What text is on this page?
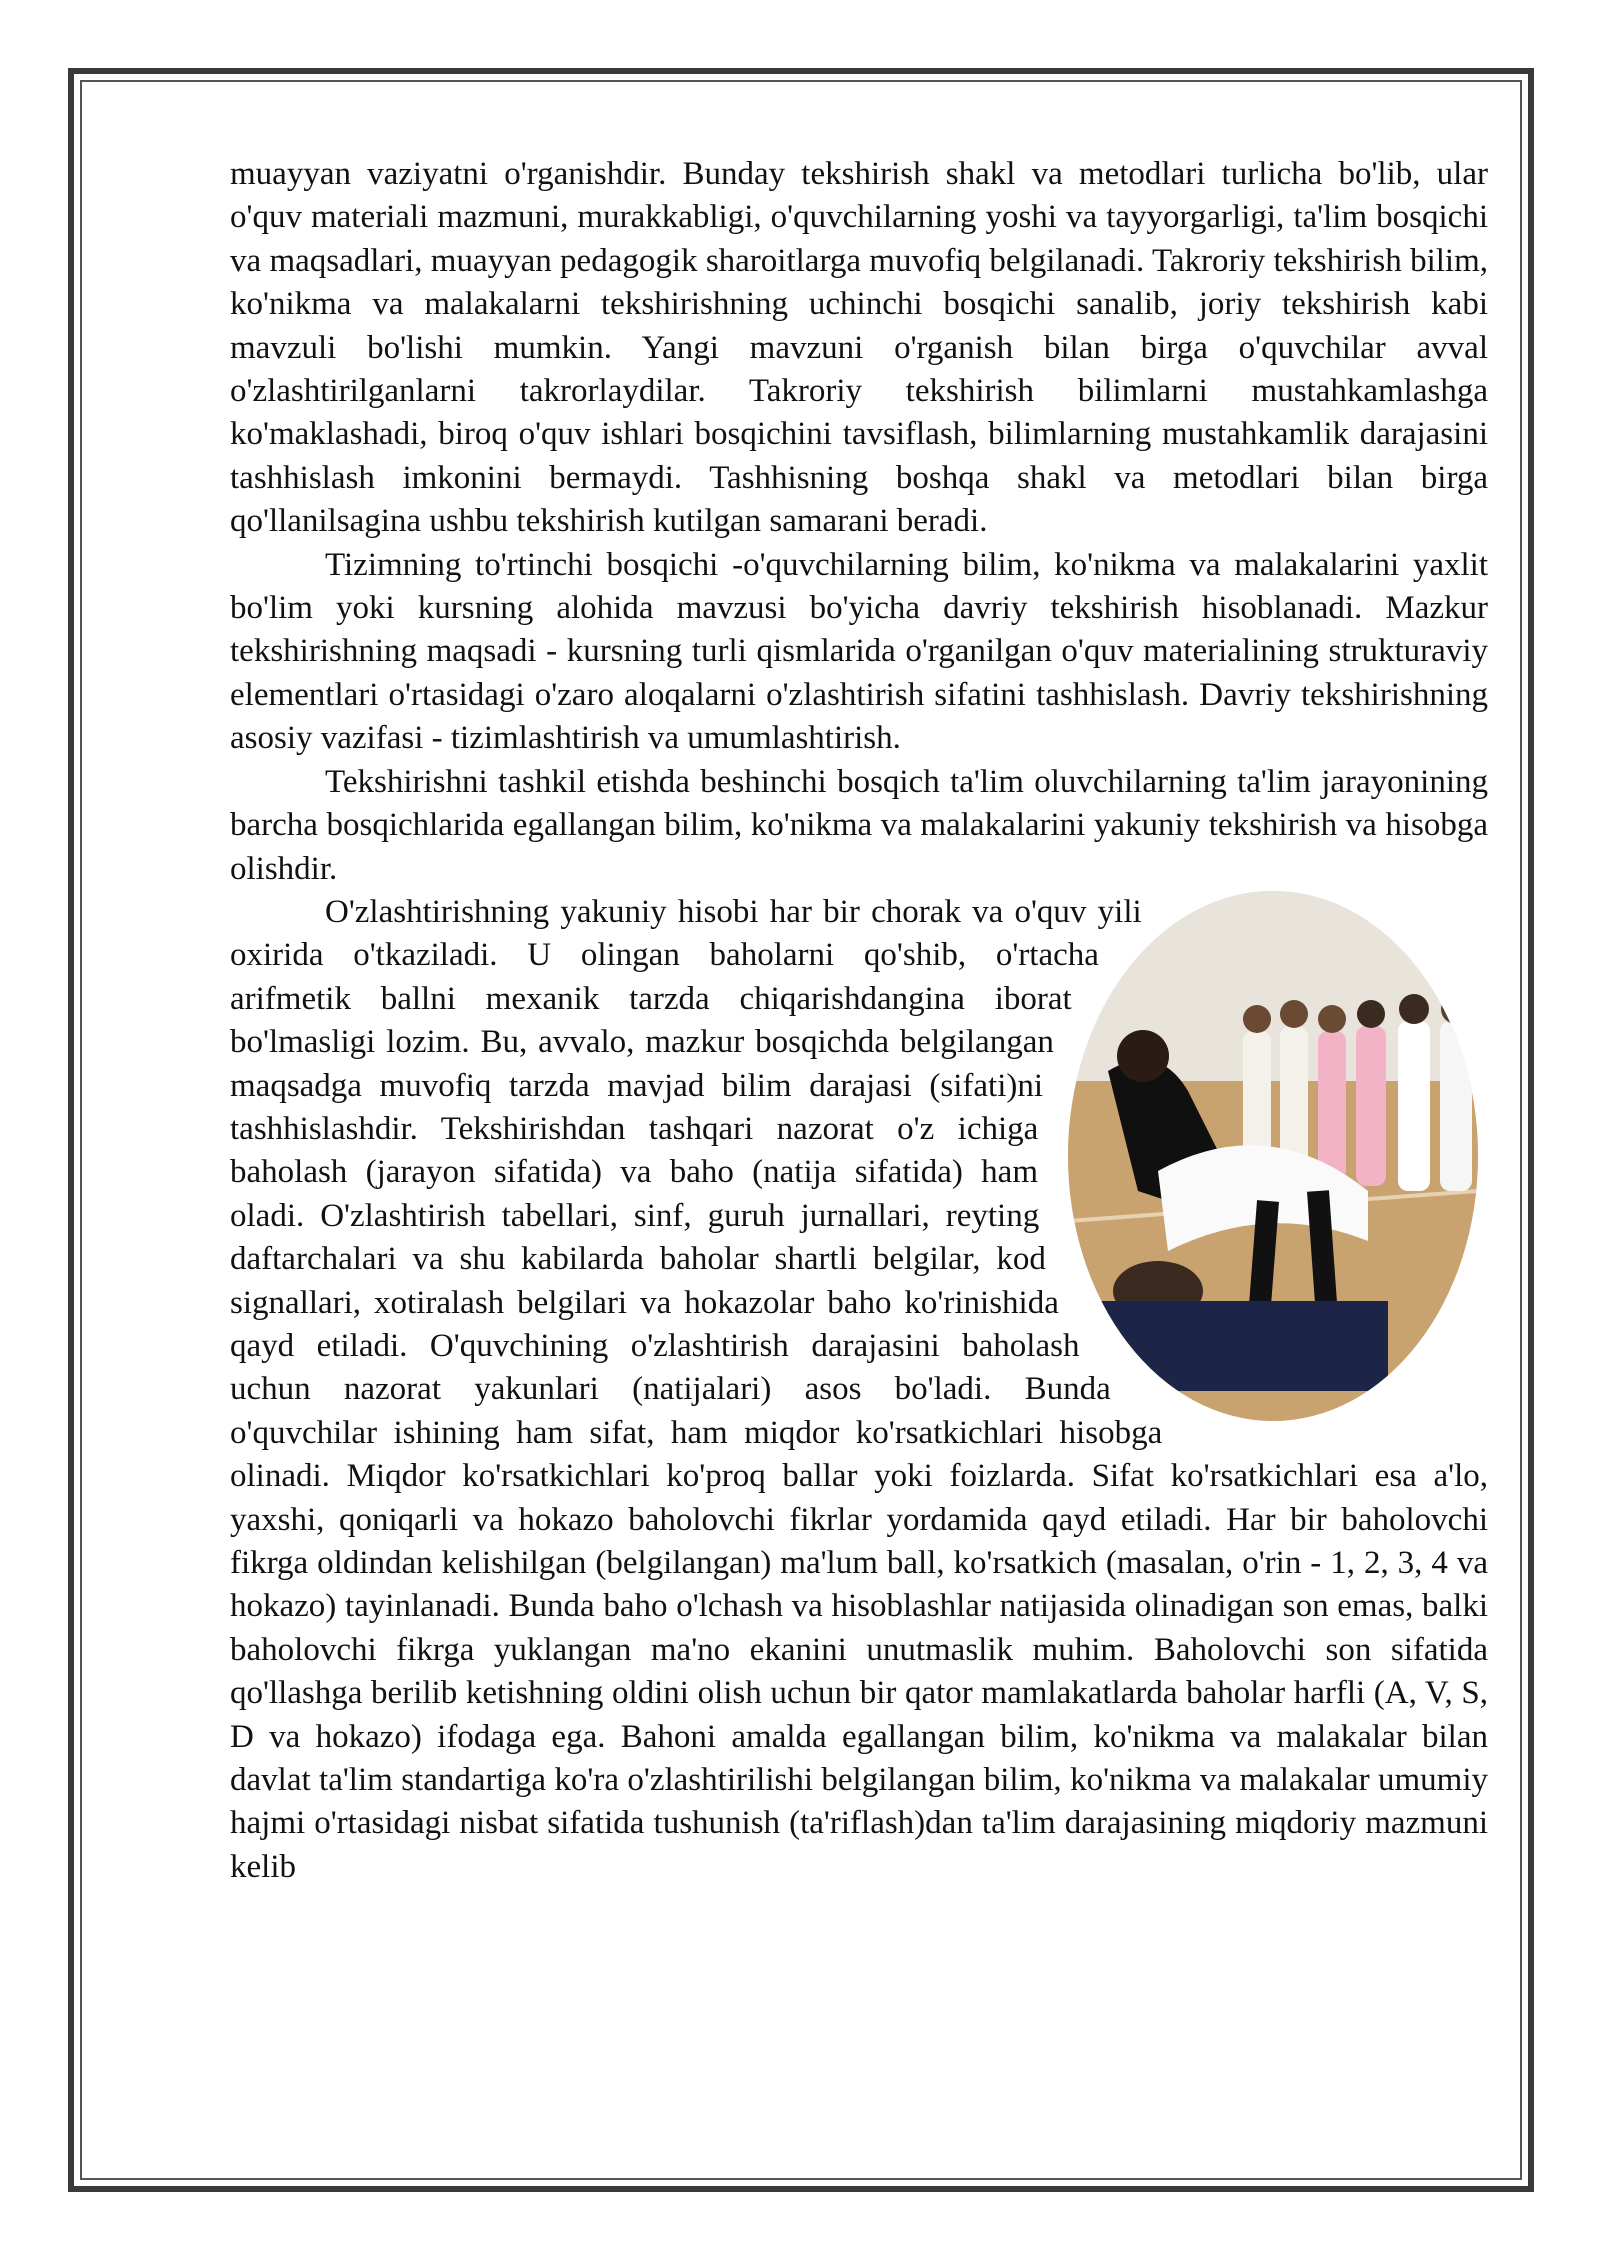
muayyan vaziyatni o'rganishdir. Bunday tekshirish shakl va metodlari turlicha bo'lib, ular o'quv materiali mazmuni, murakkabligi, o'quvchilarning yoshi va tayyorgarligi, ta'lim bosqichi va maqsadlari, muayyan pedagogik sharoitlarga muvofiq belgilanadi. Takroriy tekshirish bilim, ko'nikma va malakalarni tekshirishning uchinchi bosqichi sanalib, joriy tekshirish kabi mavzuli bo'lishi mumkin. Yangi mavzuni o'rganish bilan birga o'quvchilar avval o'zlashtirilganlarni takrorlaydilar. Takroriy tekshirish bilimlarni mustahkamlashga ko'maklashadi, biroq o'quv ishlari bosqichini tavsiflash, bilimlarning mustahkamlik darajasini tashhislash imkonini bermaydi. Tashhisning boshqa shakl va metodlari bilan birga qo'llanilsagina ushbu tekshirish kutilgan samarani beradi.

Tizimning to'rtinchi bosqichi -o'quvchilarning bilim, ko'nikma va malakalarini yaxlit bo'lim yoki kursning alohida mavzusi bo'yicha davriy tekshirish hisoblanadi. Mazkur tekshirishning maqsadi - kursning turli qismlarida o'rganilgan o'quv materialining strukturaviy elementlari o'rtasidagi o'zaro aloqalarni o'zlashtirish sifatini tashhislash. Davriy tekshirishning asosiy vazifasi - tizimlashtirish va umumlashtirish.

Tekshirishni tashkil etishda beshinchi bosqich ta'lim oluvchilarning ta'lim jarayonining barcha bosqichlarida egallangan bilim, ko'nikma va malakalarini yakuniy tekshirish va hisobga olishdir.

O'zlashtirishning yakuniy hisobi har bir chorak va o'quv yili oxirida o'tkaziladi. U olingan baholarni qo'shib, o'rtacha arifmetik ballni mexanik tarzda chiqarishdangina iborat bo'lmasligi lozim. Bu, avvalo, mazkur bosqichda belgilangan maqsadga muvofiq tarzda mavjad bilim darajasi (sifati)ni tashhislashdir. Tekshirishdan tashqari nazorat o'z ichiga baholash (jarayon sifatida) va baho (natija sifatida) ham oladi. O'zlashtirish tabellari, sinf, guruh jurnallari, reyting daftarchalari va shu kabilarda baholar shartli belgilar, kod signallari, xotiralash belgilari va hokazolar baho ko'rinishida qayd etiladi. O'quvchining o'zlashtirish darajasini baholash uchun nazorat yakunlari (natijalari) asos bo'ladi. Bunda o'quvchilar ishining ham sifat, ham miqdor ko'rsatkichlari hisobga olinadi. Miqdor ko'rsatkichlari ko'proq ballar yoki foizlarda. Sifat ko'rsatkichlari esa a'lo, yaxshi, qoniqarli va hokazo baholovchi fikrlar yordamida qayd etiladi. Har bir baholovchi fikrga oldindan kelishilgan (belgilangan) ma'lum ball, ko'rsatkich (masalan, o'rin - 1, 2, 3, 4 va hokazo) tayinlanadi. Bunda baho o'lchash va hisoblashlar natijasida olinadigan son emas, balki baholovchi fikrga yuklangan ma'no ekanini unutmaslik muhim. Baholovchi son sifatida qo'llashga berilib ketishning oldini olish uchun bir qator mamlakatlarda baholar harfli (A, V, S, D va hokazo) ifodaga ega. Bahoni amalda egallangan bilim, ko'nikma va malakalar bilan davlat ta'lim standartiga ko'ra o'zlashtirilishi belgilangan bilim, ko'nikma va malakalar umumiy hajmi o'rtasidagi nisbat sifatida tushunish (ta'riflash)dan ta'lim darajasining miqdoriy mazmuni kelib
